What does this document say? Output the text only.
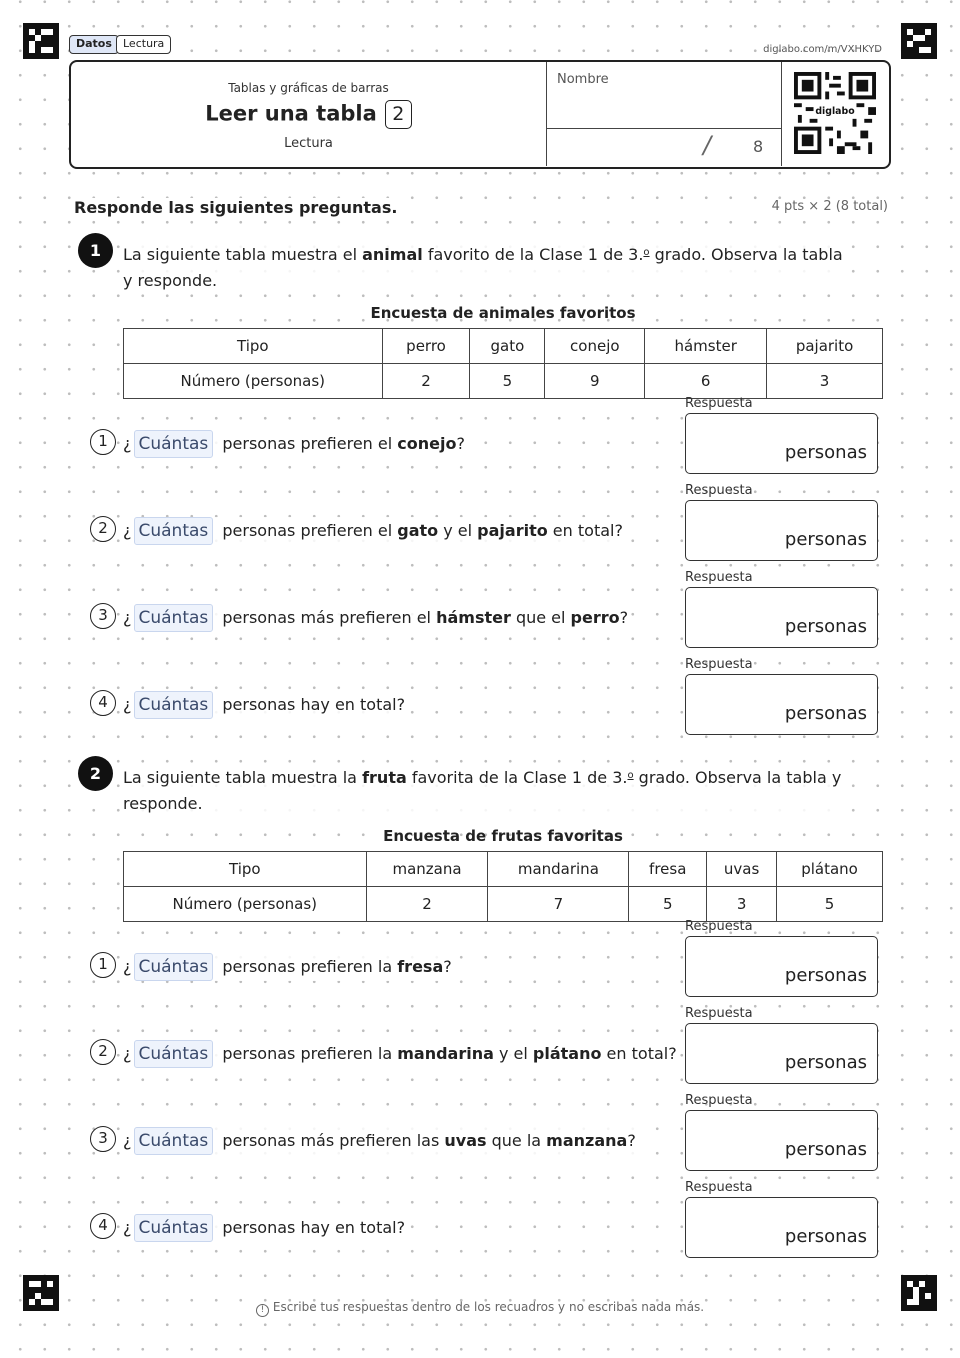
Datos	Lectura	diglabo.com/m/VXHKYD
Tablas y gráficas de barras
Leer una tabla 2
Lectura
Nombre
/	8
diglabo
Responde las siguientes preguntas.	4 pts × 2 (8 total)
1	La siguiente tabla muestra el animal favorito de la Clase 1 de 3.$^o$ grado. Observa la tabla y responde.
Encuesta de animales favoritos
Tipo	perro	gato	conejo	hámster	pajarito
Número (personas)	2	5	9	6	3
1 ¿ Cuántas personas prefieren el conejo?
Respuesta
personas
2 ¿ Cuántas personas prefieren el gato y el pajarito en total?
Respuesta
personas
3 ¿ Cuántas personas más prefieren el hámster que el perro?
Respuesta
personas
4 ¿ Cuántas personas hay en total?
Respuesta
personas
2	La siguiente tabla muestra la fruta favorita de la Clase 1 de 3.$^o$ grado. Observa la tabla y responde.
Encuesta de frutas favoritas
Tipo	manzana	mandarina	fresa	uvas	plátano
Número (personas)	2	7	5	3	5
1 ¿ Cuántas personas prefieren la fresa?
Respuesta
personas
2 ¿ Cuántas personas prefieren la mandarina y el plátano en total?
Respuesta
personas
3 ¿ Cuántas personas más prefieren las uvas que la manzana?
Respuesta
personas
4 ¿ Cuántas personas hay en total?
Respuesta
personas
! Escribe tus respuestas dentro de los recuadros y no escribas nada más.
